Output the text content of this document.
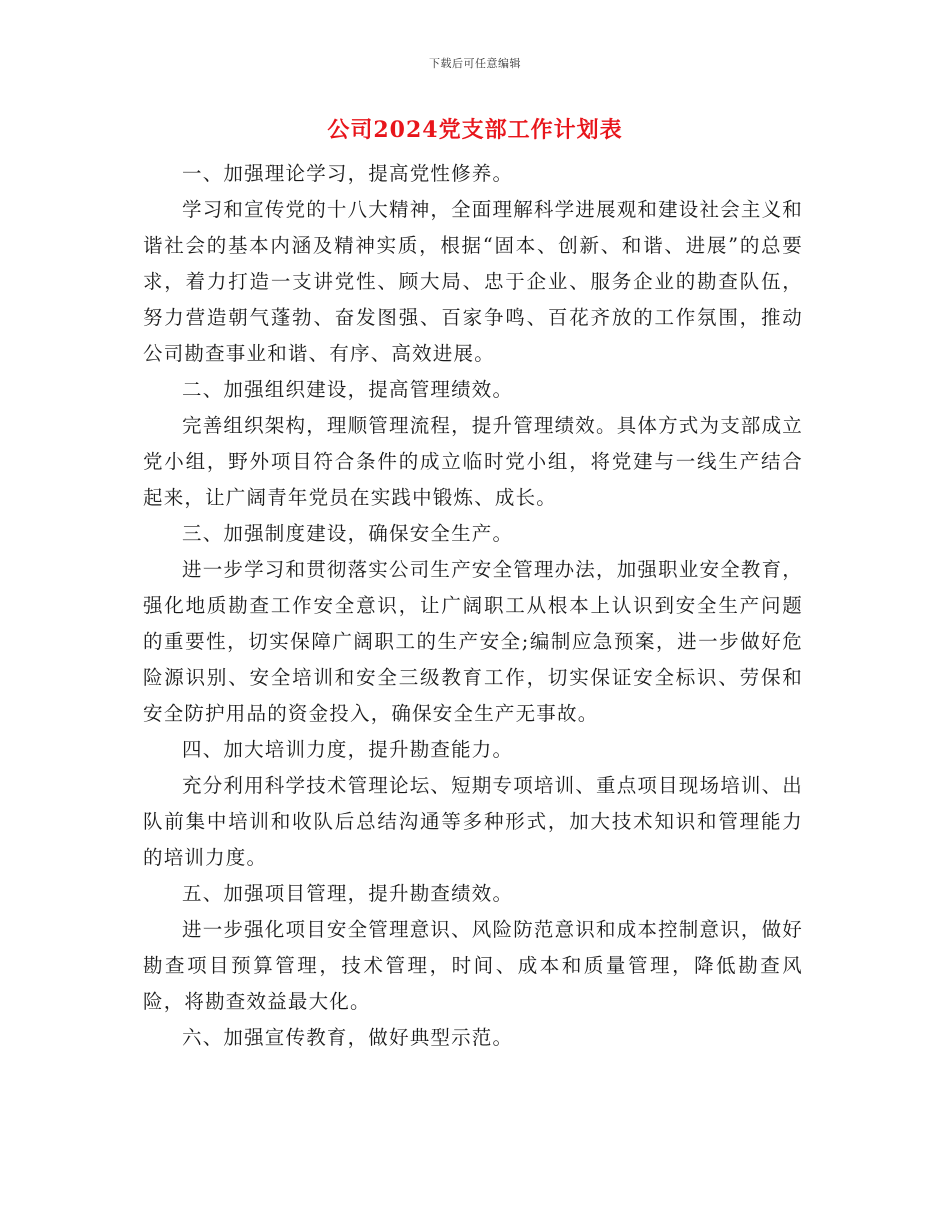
下载后可任意编辑
公司2024党支部工作计划表

一、加强理论学习，提高党性修养。

学习和宣传党的十八大精神，全面理解科学进展观和建设社会主义和谐社会的基本内涵及精神实质，根据“固本、创新、和谐、进展”的总要求，着力打造一支讲党性、顾大局、忠于企业、服务企业的勘查队伍，努力营造朝气蓬勃、奋发图强、百家争鸣、百花齐放的工作氛围，推动公司勘查事业和谐、有序、高效进展。

二、加强组织建设，提高管理绩效。

完善组织架构，理顺管理流程，提升管理绩效。具体方式为支部成立党小组，野外项目符合条件的成立临时党小组，将党建与一线生产结合起来，让广阔青年党员在实践中锻炼、成长。

三、加强制度建设，确保安全生产。

进一步学习和贯彻落实公司生产安全管理办法，加强职业安全教育，强化地质勘查工作安全意识，让广阔职工从根本上认识到安全生产问题的重要性，切实保障广阔职工的生产安全;编制应急预案，进一步做好危险源识别、安全培训和安全三级教育工作，切实保证安全标识、劳保和安全防护用品的资金投入，确保安全生产无事故。

四、加大培训力度，提升勘查能力。

充分利用科学技术管理论坛、短期专项培训、重点项目现场培训、出队前集中培训和收队后总结沟通等多种形式，加大技术知识和管理能力的培训力度。

五、加强项目管理，提升勘查绩效。

进一步强化项目安全管理意识、风险防范意识和成本控制意识，做好勘查项目预算管理，技术管理，时间、成本和质量管理，降低勘查风险，将勘查效益最大化。

六、加强宣传教育，做好典型示范。
